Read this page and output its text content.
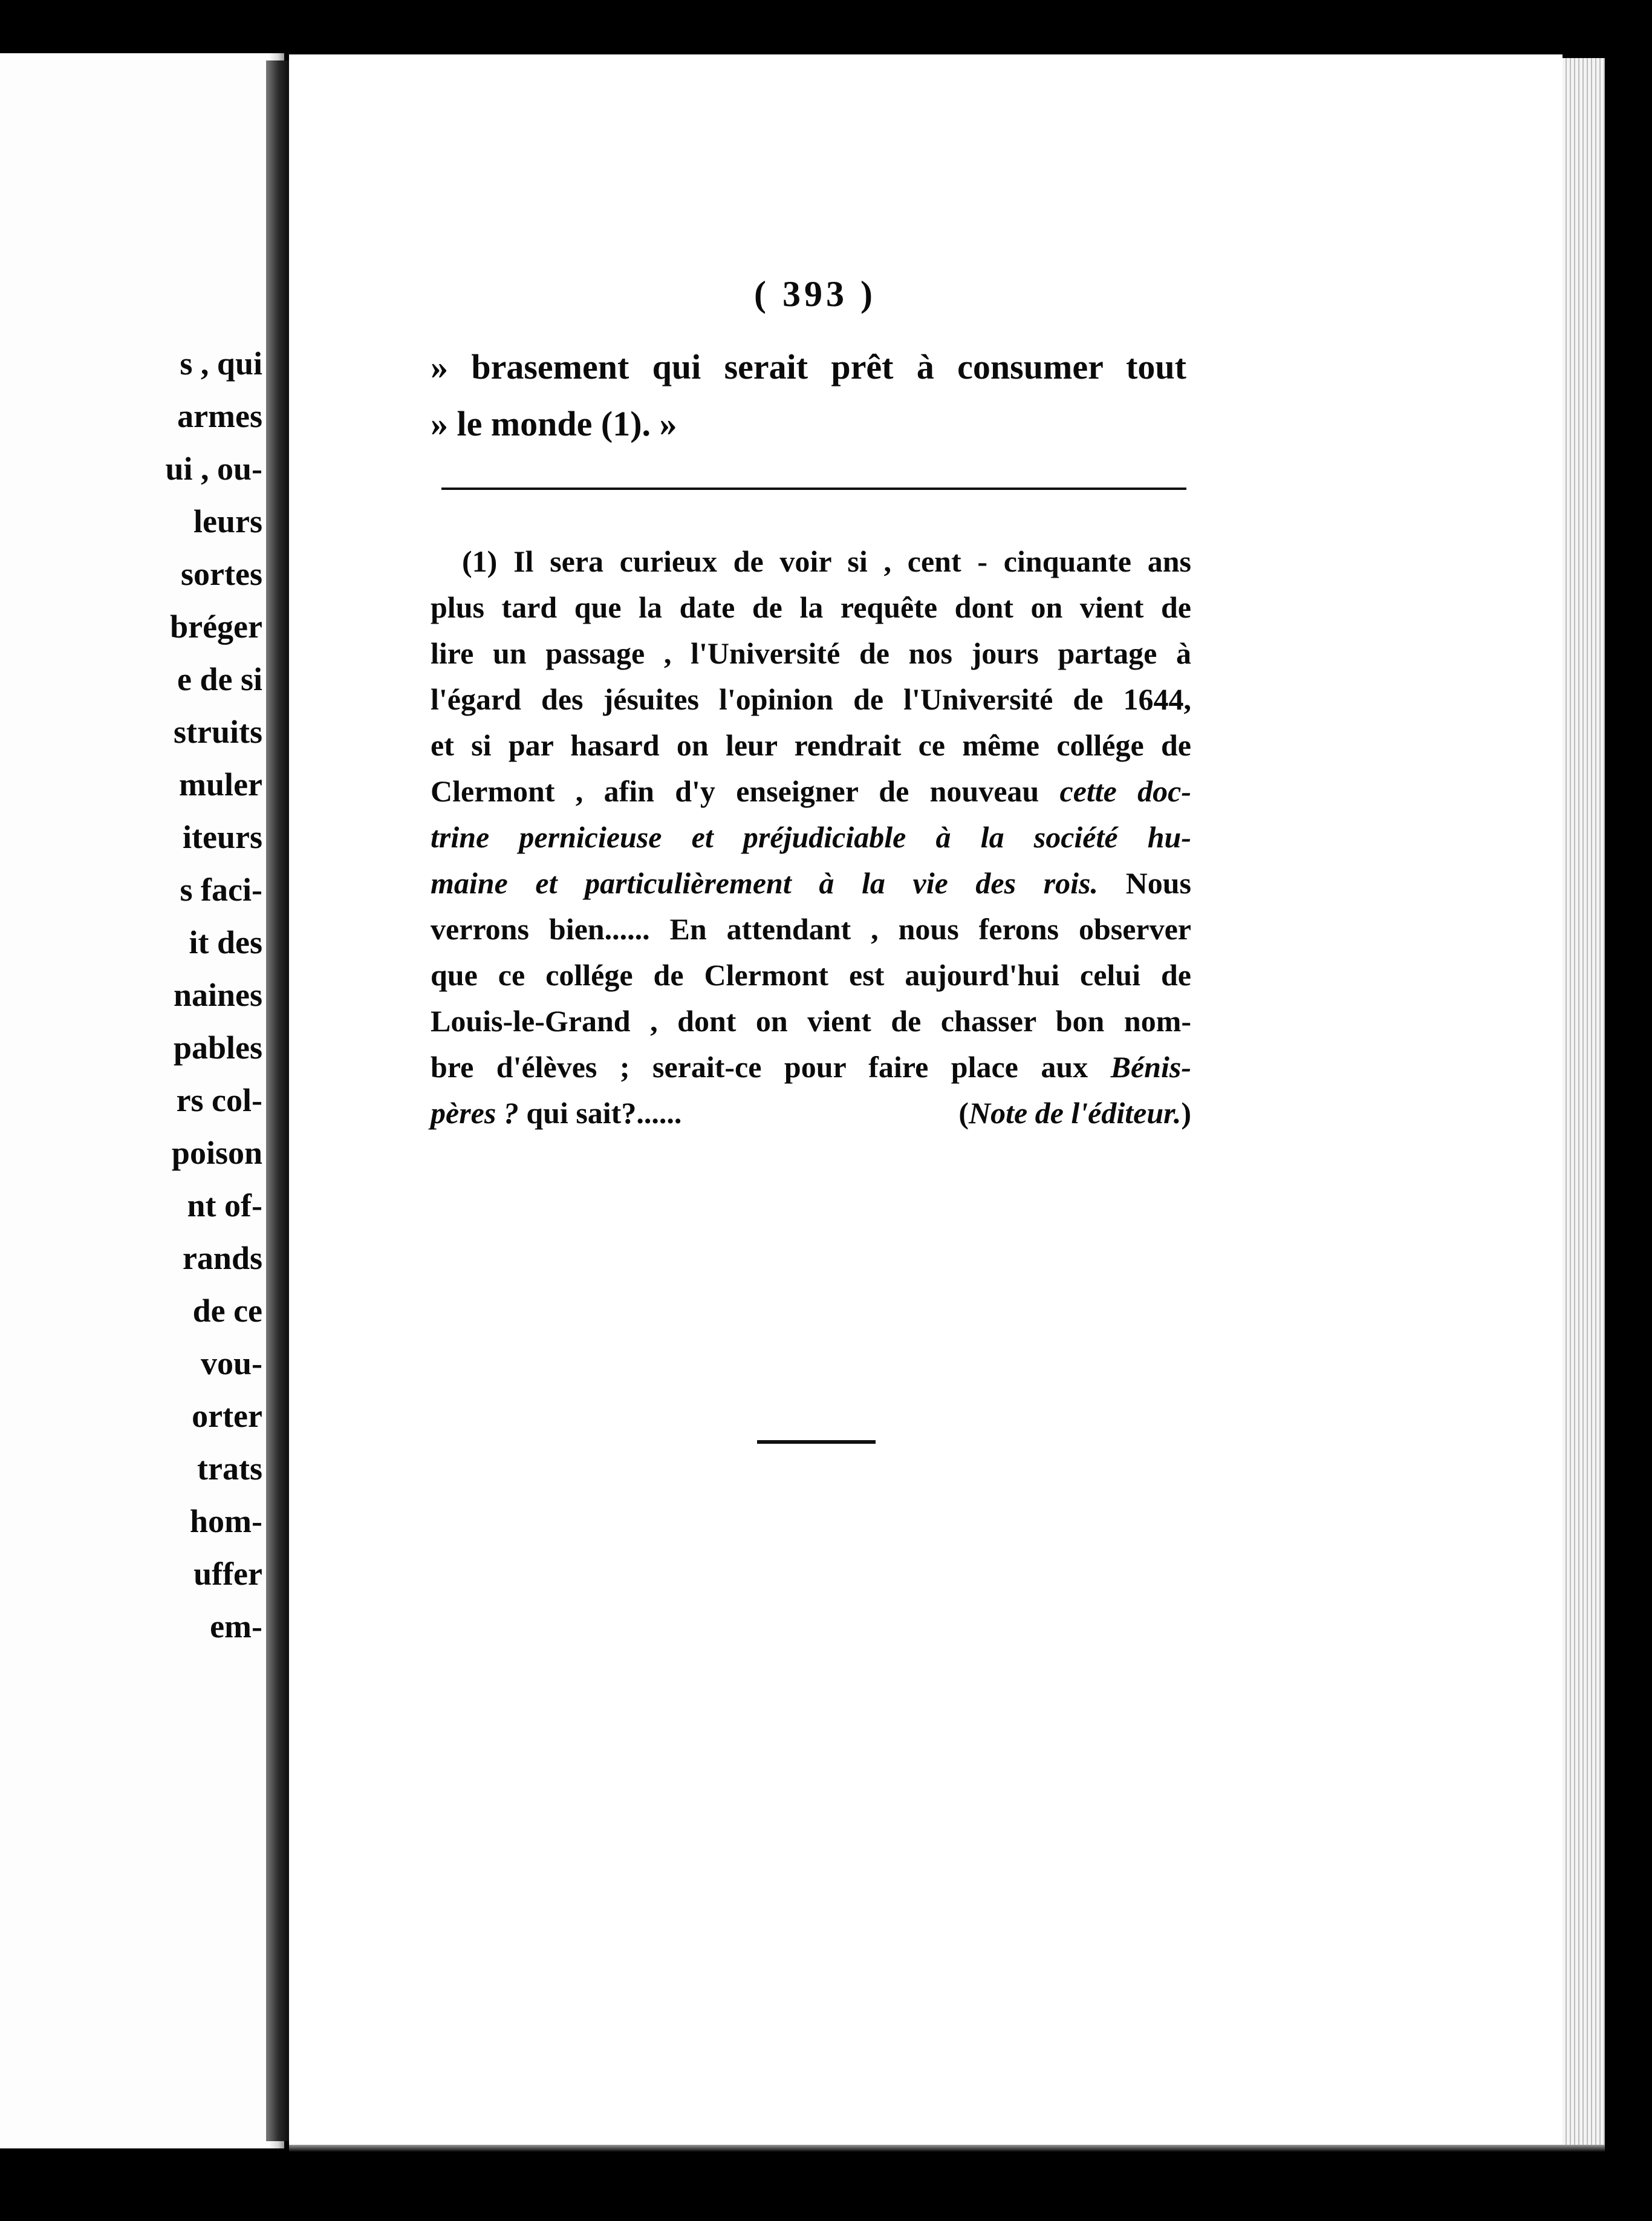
s , qui
armes
ui , ou-
leurs
sortes
bréger
e de si
struits
muler
iteurs
s faci-
it des
naines
pables
rs col-
poison
nt of-
rands
de ce
vou-
orter
trats
hom-
uffer
em-
( 393 )
» brasement qui serait prêt à consumer tout
» le monde (1). »
(1) Il sera curieux de voir si , cent - cinquante ans
plus tard que la date de la requête dont on vient de
lire un passage , l'Université de nos jours partage à
l'égard des jésuites l'opinion de l'Université de 1644,
et si par hasard on leur rendrait ce même collége de
Clermont , afin d'y enseigner de nouveau cette doc-
trine pernicieuse et préjudiciable à la société hu-
maine et particulièrement à la vie des rois. Nous
verrons bien...... En attendant , nous ferons observer
que ce collége de Clermont est aujourd'hui celui de
Louis-le-Grand , dont on vient de chasser bon nom-
bre d'élèves ; serait-ce pour faire place aux Bénis-
pères ? qui sait?......	(Note de l'éditeur.)
